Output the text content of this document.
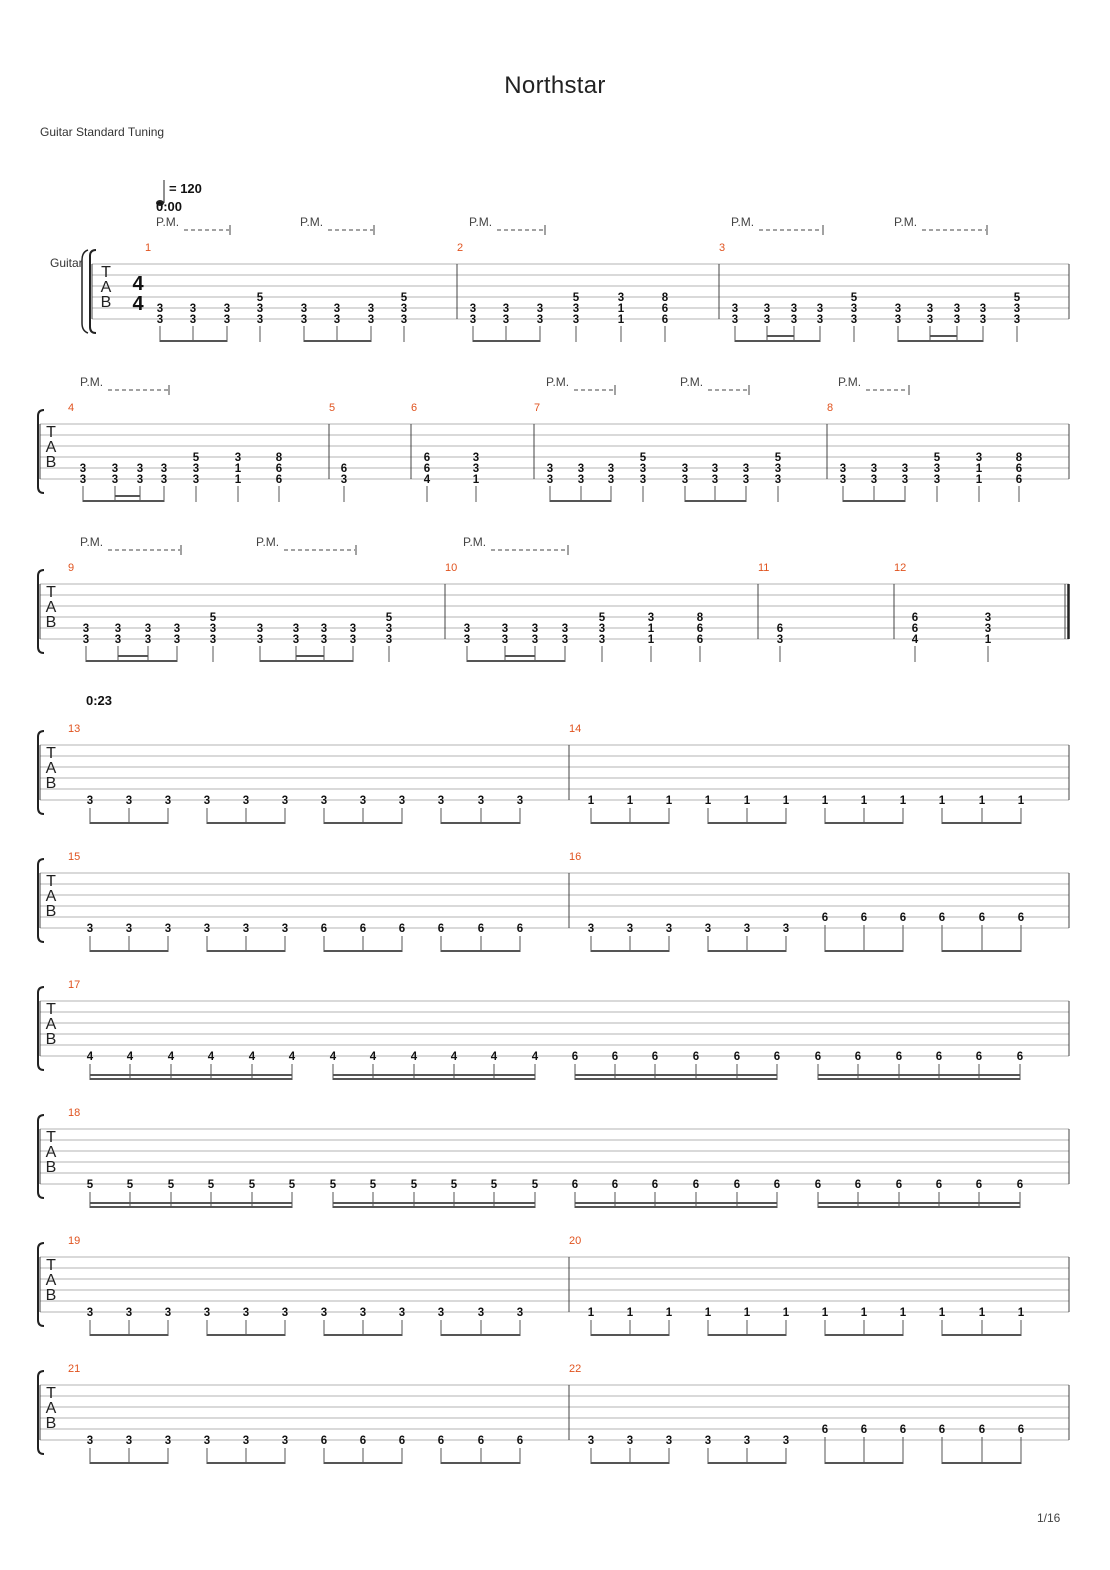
Northstar
Guitar Standard Tuning
1/16
T
A
B
T
A
B
T
A
B
T
A
B
T
A
B
T
A
B
T
A
B
T
A
B
T
A
B
Guitar
= 120
0:00
0:23
4
4
P.M.	P.M.	P.M.	P.M.	P.M.
P.M.	P.M.	P.M.	P.M.
P.M.	P.M.	P.M.
1	2	3
4	5	6	7	8
9	10	11	12
13	14
15	16
17
18
19	20
21	22
3
3
3
3
3
3
3
3
5
3
3
3
3
3
3
3
3
5
3
3
3
3
3
3
3
3
5
1
1
3
6
6
8
3
3
3
3
3
3
3
3
3
3
5
3
3
3
3
3
3
3
3
3
3
5
3
3
3
3
3
3
3
3
3
3
5
1
1
3
6
6
8
3
6
4
6
6
1
3
3
3
3
3
3
3
3
3
3
5
3
3
3
3
3
3
3
3
5
3
3
3
3
3
3
3
3
5
1
1
3
6
6
8
3
3
3
3
3
3
3
3
3
3
5
3
3
3
3
3
3
3
3
3
3
5
3
3
3
3
3
3
3
3
3
3
5
1
1
3
6
6
8
3
6
4
6
6
1
3
3
3	3	3	3	3	3	3	3	3	3	3	3	1	1	1	1	1	1	1	1	1	1	1	1
3	3	3	3	3	3	6	6	6	6	6	6	3	3	3	3	3	3
6	6	6	6	6	6
4	4	4	4	4	4	4	4	4	4	4	4	6	6	6	6	6	6	6	6	6	6	6	6
5	5	5	5	5	5	5	5	5	5	5	5	6	6	6	6	6	6	6	6	6	6	6	6
3	3	3	3	3	3	3	3	3	3	3	3	1	1	1	1	1	1	1	1	1	1	1	1
3	3	3	3	3	3	6	6	6	6	6	6	3	3	3	3	3	3
6	6	6	6	6	6
